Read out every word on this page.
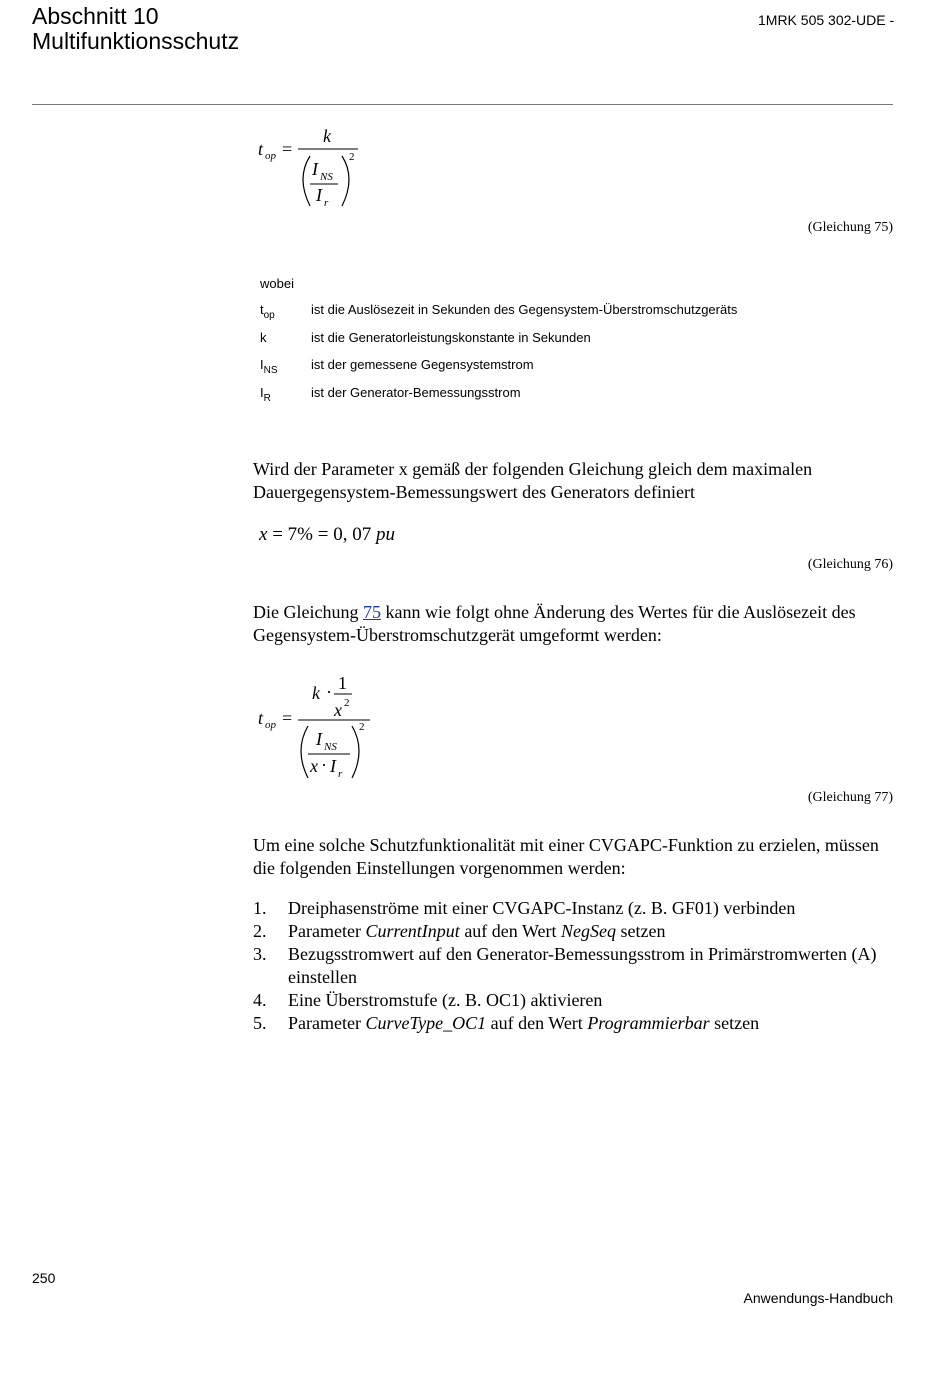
Abschnitt 10
Multifunktionsschutz
1MRK 505 302-UDE -
t op =
k
2
I NS
I r
(Gleichung 75)
wobei
$t_{op}$	ist die Auslösezeit in Sekunden des Gegensystem-Überstromschutzgeräts
k	ist die Generatorleistungskonstante in Sekunden
$I_{NS}$	ist der gemessene Gegensystemstrom
$I_R$	ist der Generator-Bemessungsstrom
Wird der Parameter x gemäß der folgenden Gleichung gleich dem maximalen Dauergegensystem-Bemessungswert des Generators definiert
x = 7% = 0, 07 pu
(Gleichung 76)
Die Gleichung 75 kann wie folgt ohne Änderung des Wertes für die Auslösezeit des Gegensystem-Überstromschutzgerät umgeformt werden:
t op =
k · 1
x 2
2
I NS
x · I r
(Gleichung 77)
Um eine solche Schutzfunktionalität mit einer CVGAPC-Funktion zu erzielen, müssen die folgenden Einstellungen vorgenommen werden:
1. Dreiphasenströme mit einer CVGAPC-Instanz (z. B. GF01) verbinden
2. Parameter CurrentInput auf den Wert NegSeq setzen
3. Bezugsstromwert auf den Generator-Bemessungsstrom in Primärstromwerten (A) einstellen
4. Eine Überstromstufe (z. B. OC1) aktivieren
5. Parameter CurveType_OC1 auf den Wert Programmierbar setzen
250
Anwendungs-Handbuch
